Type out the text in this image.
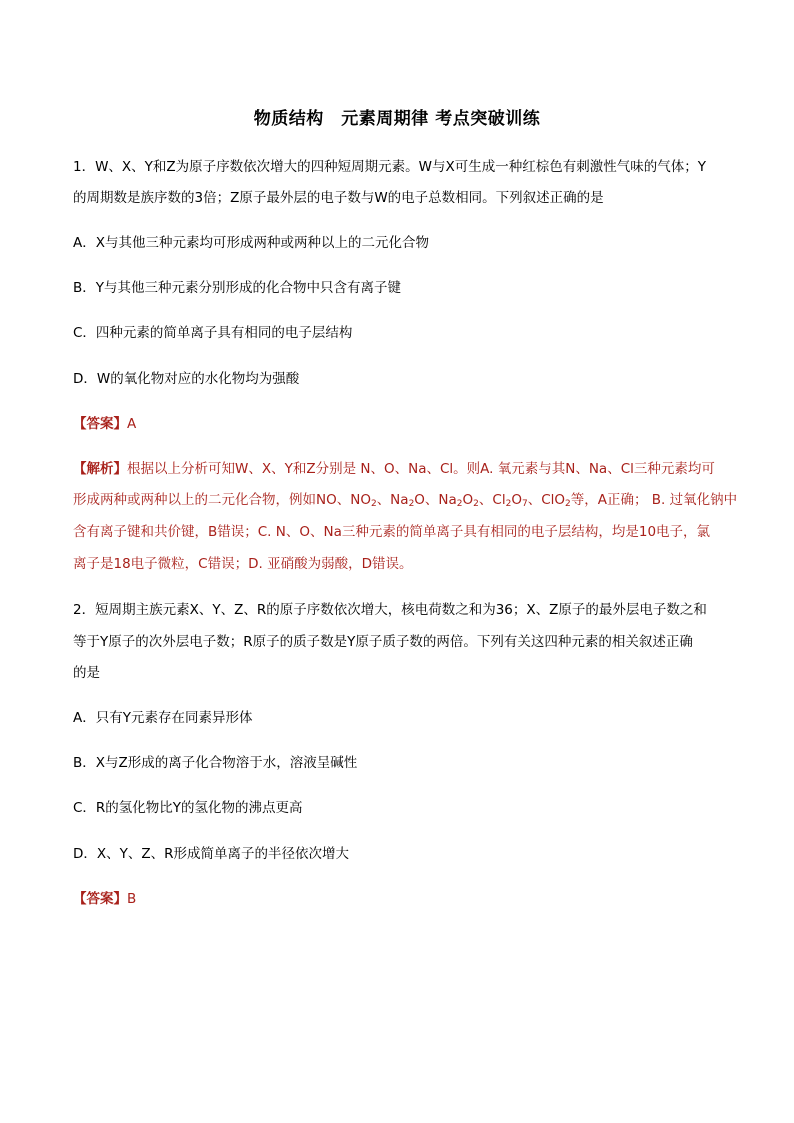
物质结构　元素周期律 考点突破训练
1．W、X、Y和Z为原子序数依次增大的四种短周期元素。W与X可生成一种红棕色有刺激性气味的气体；Y
的周期数是族序数的3倍；Z原子最外层的电子数与W的电子总数相同。下列叙述正确的是
A．X与其他三种元素均可形成两种或两种以上的二元化合物
B．Y与其他三种元素分别形成的化合物中只含有离子键
C．四种元素的简单离子具有相同的电子层结构
D．W的氧化物对应的水化物均为强酸
【答案】A
【解析】根据以上分析可知W、X、Y和Z分别是 N、O、Na、Cl。则A. 氧元素与其N、Na、Cl三种元素均可
形成两种或两种以上的二元化合物，例如NO、$NO_2$、$Na_2O$、$Na_2O_2$、$Cl_2O_7$、ClO$_2$等，A正确； B. 过氧化钠中
含有离子键和共价键，B错误；C. N、O、Na三种元素的简单离子具有相同的电子层结构，均是10电子，氯
离子是18电子微粒，C错误；D. 亚硝酸为弱酸，D错误。
2．短周期主族元素X、Y、Z、R的原子序数依次增大，核电荷数之和为36；X、Z原子的最外层电子数之和
等于Y原子的次外层电子数；R原子的质子数是Y原子质子数的两倍。下列有关这四种元素的相关叙述正确
的是
A．只有Y元素存在同素异形体
B．X与Z形成的离子化合物溶于水，溶液呈碱性
C．R的氢化物比Y的氢化物的沸点更高
D．X、Y、Z、R形成简单离子的半径依次增大
【答案】B
